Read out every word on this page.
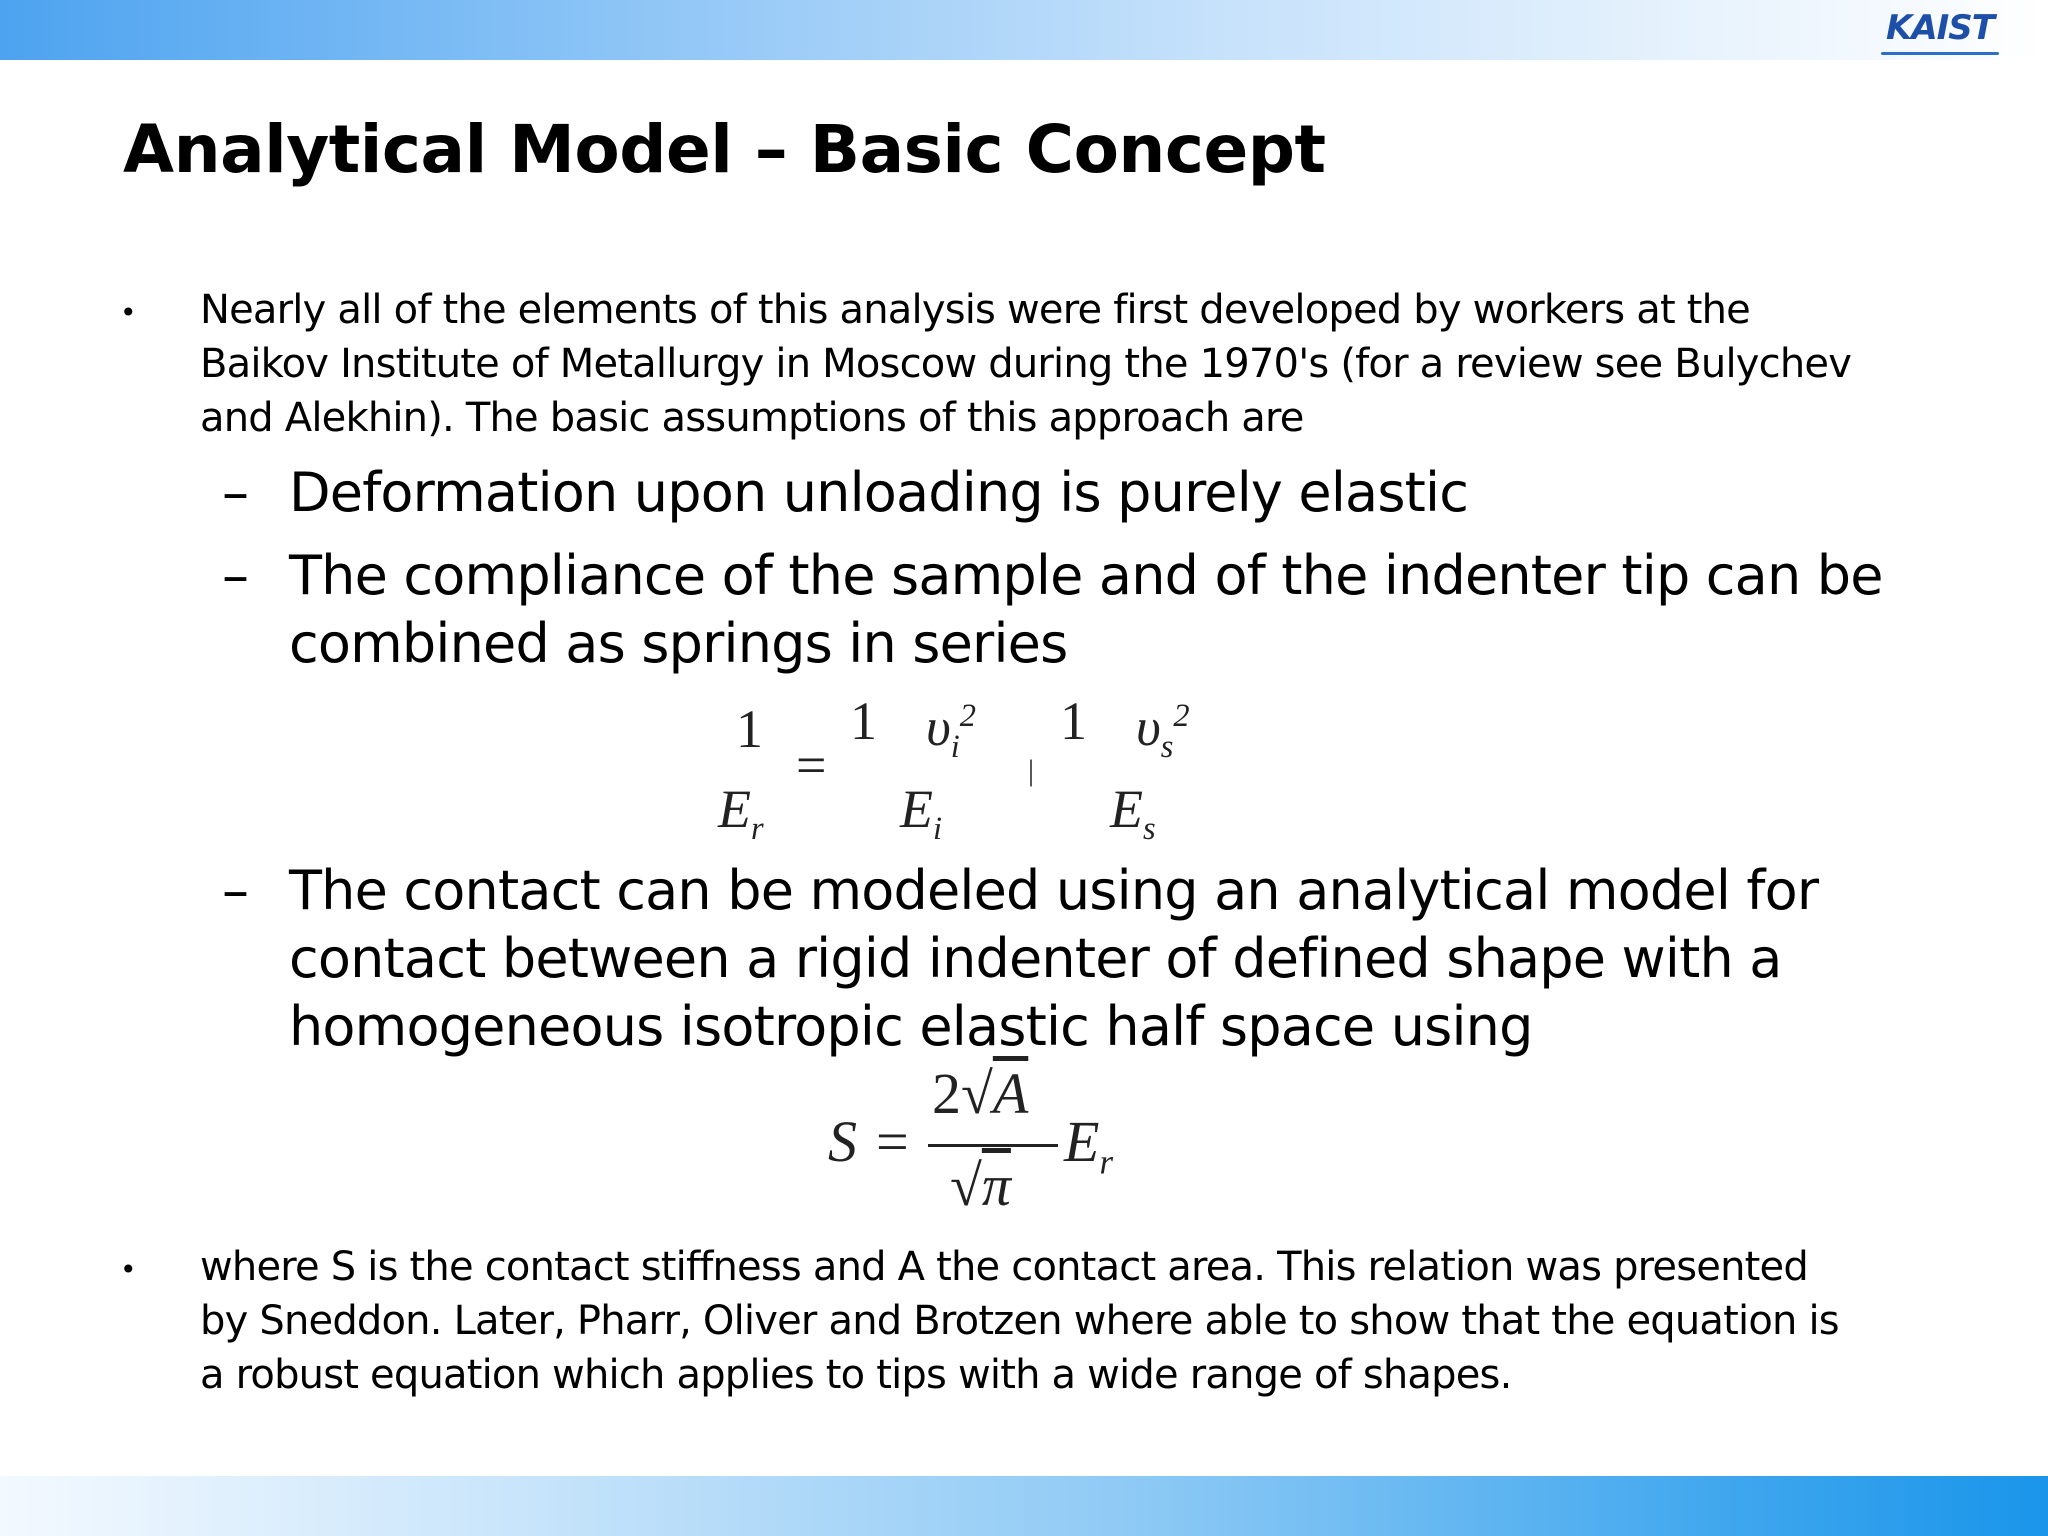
KAIST
Analytical Model – Basic Concept
• Nearly all of the elements of this analysis were first developed by workers at the
Baikov Institute of Metallurgy in Moscow during the 1970's (for a review see Bulychev
and Alekhin). The basic assumptions of this approach are
– Deformation upon unloading is purely elastic
– The compliance of the sample and of the indenter tip can be
combined as springs in series
1
$E_r$
=
1 $\upsilon_i^2$
$E_i$
|
1 $\upsilon_s^2$
$E_s$
– The contact can be modeled using an analytical model for
contact between a rigid indenter of defined shape with a
homogeneous isotropic elastic half space using
S =
2√A
√π
$E_r$
• where S is the contact stiffness and A the contact area. This relation was presented
by Sneddon. Later, Pharr, Oliver and Brotzen where able to show that the equation is
a robust equation which applies to tips with a wide range of shapes.
